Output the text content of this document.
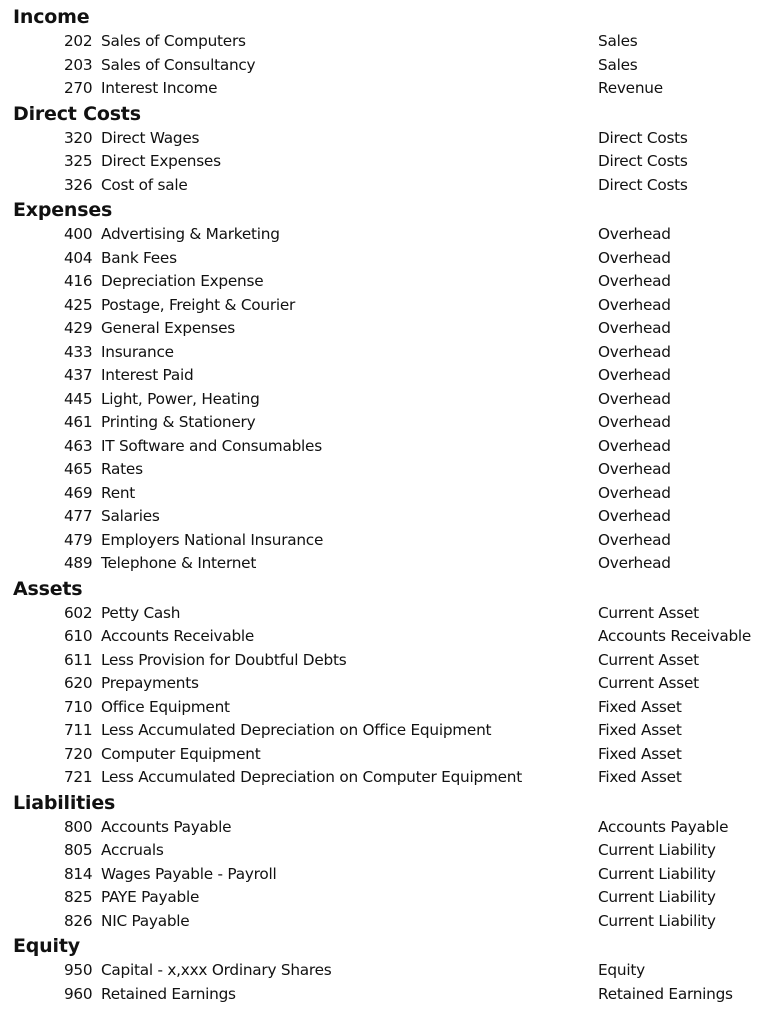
Income
202 Sales of Computers	Sales
203 Sales of Consultancy	Sales
270 Interest Income	Revenue
Direct Costs
320 Direct Wages	Direct Costs
325 Direct Expenses	Direct Costs
326 Cost of sale	Direct Costs
Expenses
400 Advertising & Marketing	Overhead
404 Bank Fees	Overhead
416 Depreciation Expense	Overhead
425 Postage, Freight & Courier	Overhead
429 General Expenses	Overhead
433 Insurance	Overhead
437 Interest Paid	Overhead
445 Light, Power, Heating	Overhead
461 Printing & Stationery	Overhead
463 IT Software and Consumables	Overhead
465 Rates	Overhead
469 Rent	Overhead
477 Salaries	Overhead
479 Employers National Insurance	Overhead
489 Telephone & Internet	Overhead
Assets
602 Petty Cash	Current Asset
610 Accounts Receivable	Accounts Receivable
611 Less Provision for Doubtful Debts	Current Asset
620 Prepayments	Current Asset
710 Office Equipment	Fixed Asset
711 Less Accumulated Depreciation on Office Equipment	Fixed Asset
720 Computer Equipment	Fixed Asset
721 Less Accumulated Depreciation on Computer Equipment	Fixed Asset
Liabilities
800 Accounts Payable	Accounts Payable
805 Accruals	Current Liability
814 Wages Payable - Payroll	Current Liability
825 PAYE Payable	Current Liability
826 NIC Payable	Current Liability
Equity
950 Capital - x,xxx Ordinary Shares	Equity
960 Retained Earnings	Retained Earnings
